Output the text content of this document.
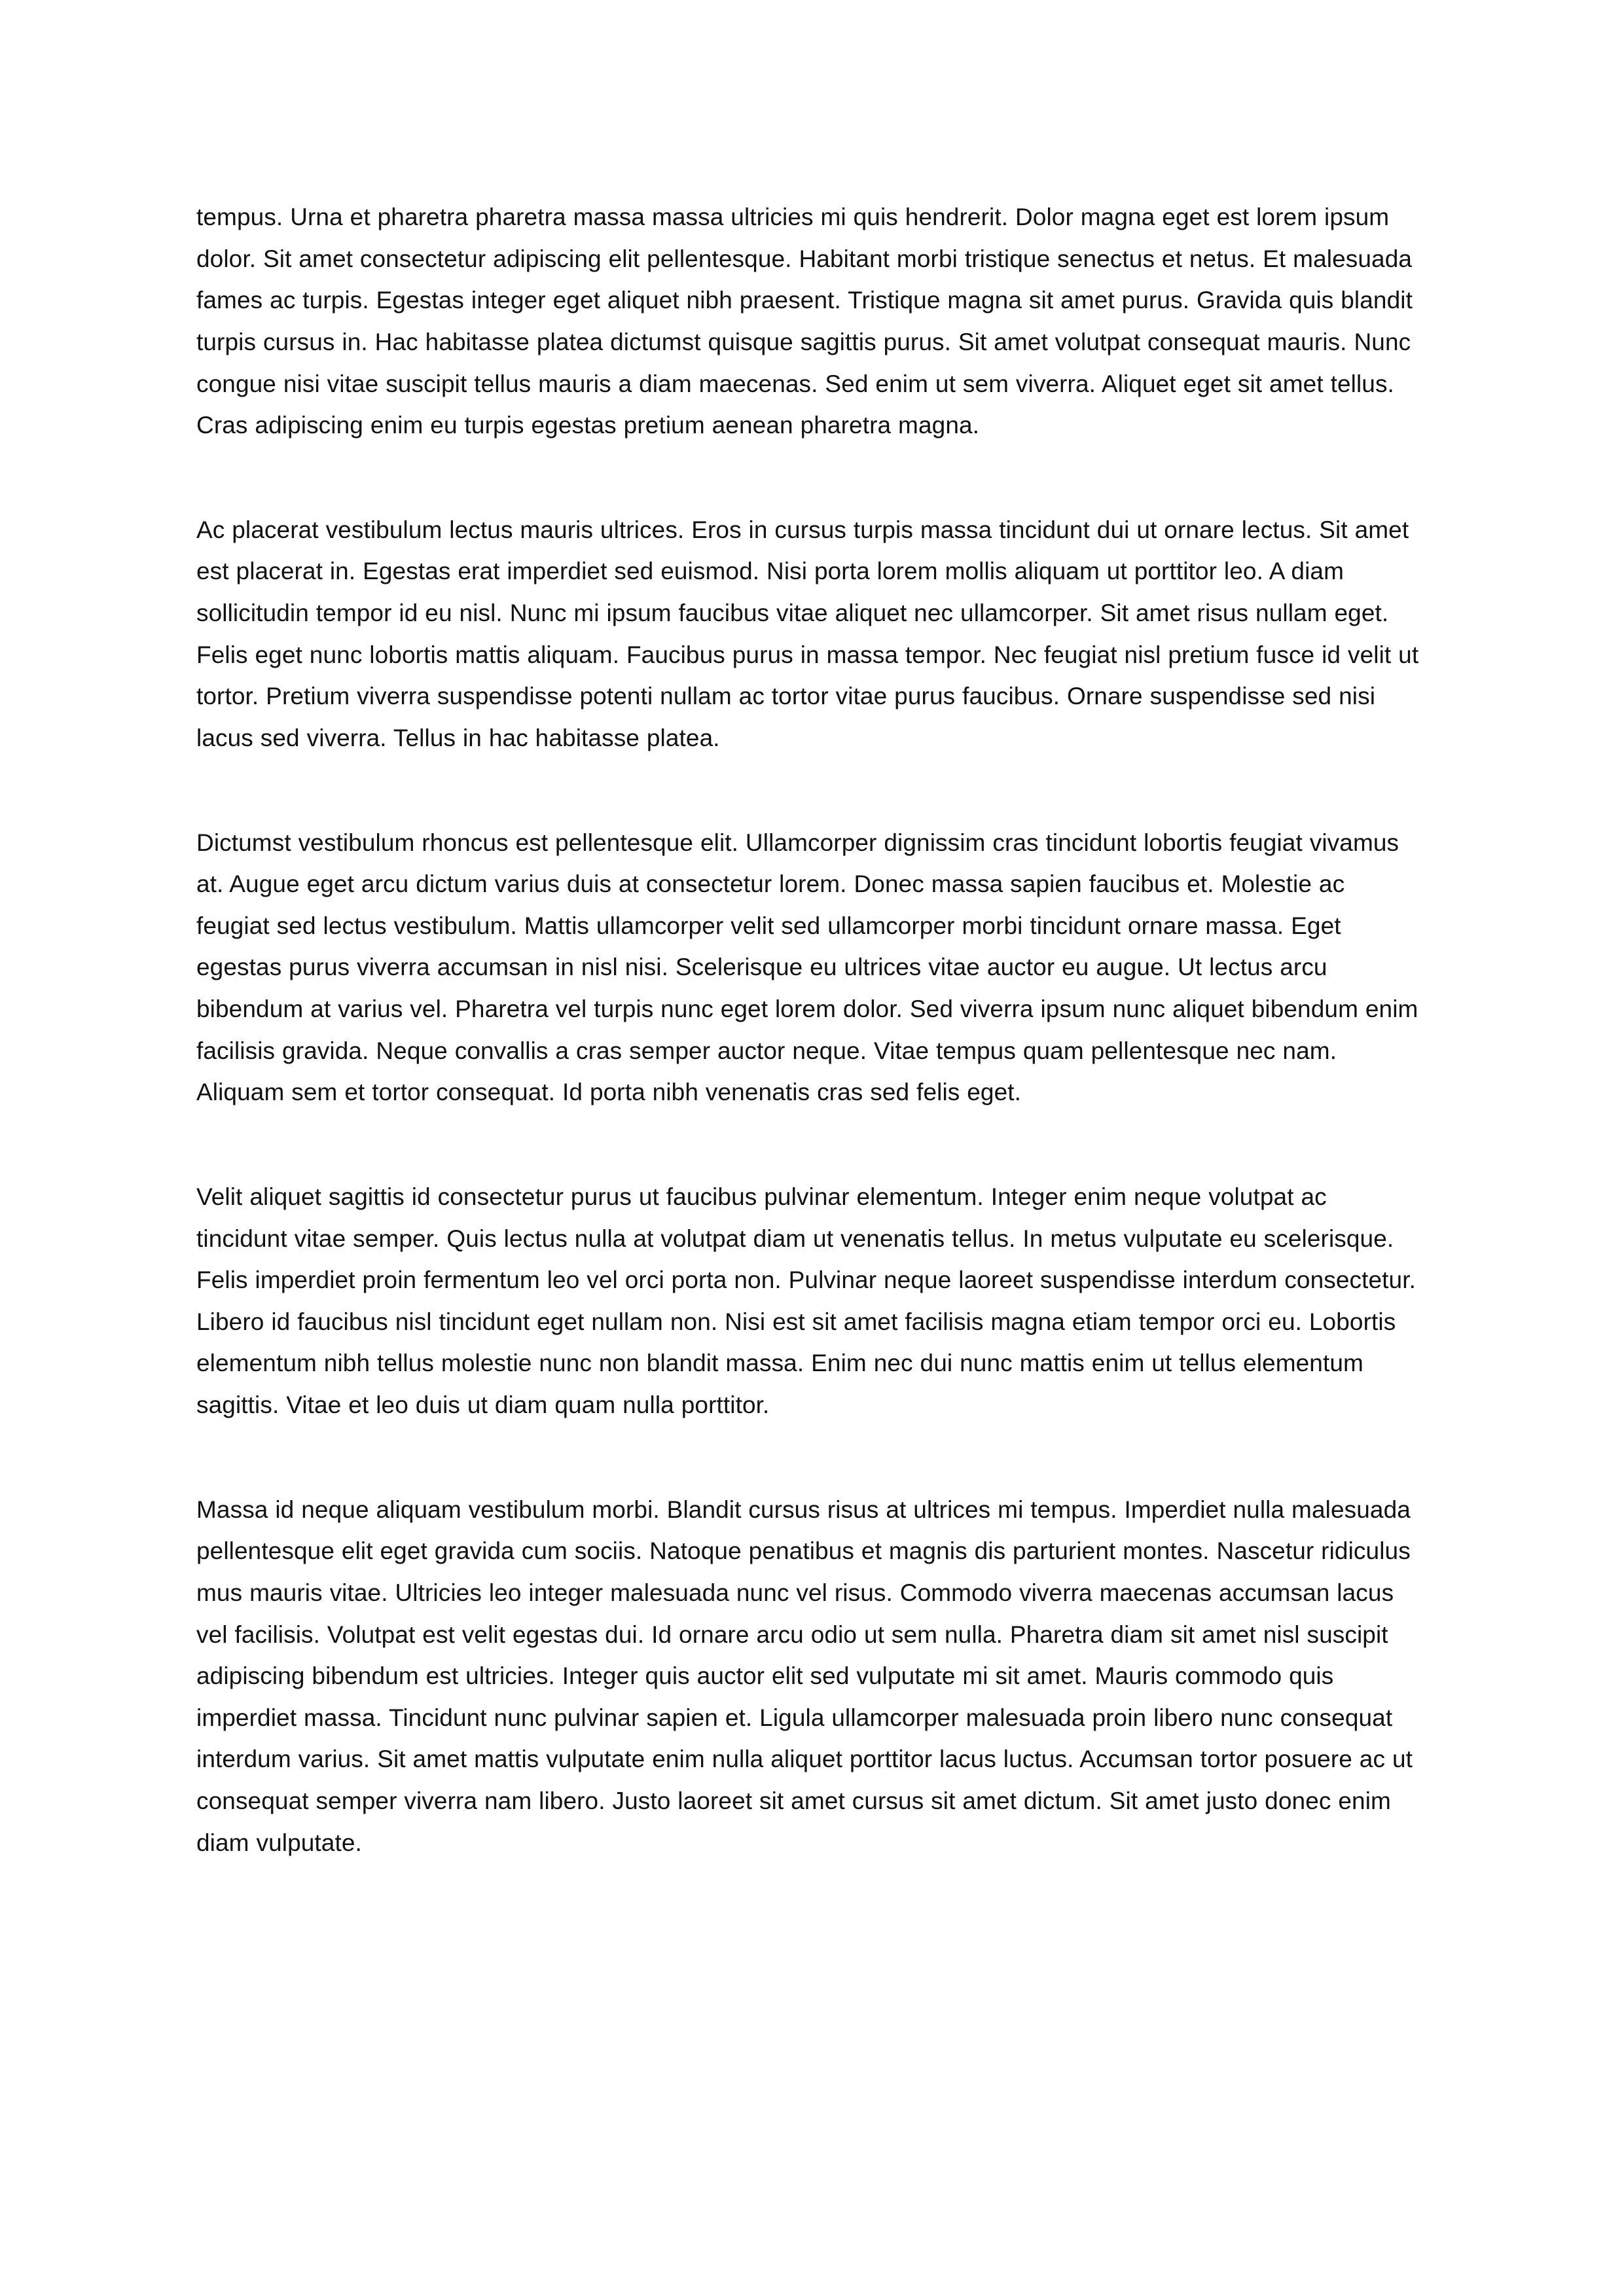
tempus. Urna et pharetra pharetra massa massa ultricies mi quis hendrerit. Dolor magna eget est lorem ipsum dolor. Sit amet consectetur adipiscing elit pellentesque. Habitant morbi tristique senectus et netus. Et malesuada fames ac turpis. Egestas integer eget aliquet nibh praesent. Tristique magna sit amet purus. Gravida quis blandit turpis cursus in. Hac habitasse platea dictumst quisque sagittis purus. Sit amet volutpat consequat mauris. Nunc congue nisi vitae suscipit tellus mauris a diam maecenas. Sed enim ut sem viverra. Aliquet eget sit amet tellus. Cras adipiscing enim eu turpis egestas pretium aenean pharetra magna.

Ac placerat vestibulum lectus mauris ultrices. Eros in cursus turpis massa tincidunt dui ut ornare lectus. Sit amet est placerat in. Egestas erat imperdiet sed euismod. Nisi porta lorem mollis aliquam ut porttitor leo. A diam sollicitudin tempor id eu nisl. Nunc mi ipsum faucibus vitae aliquet nec ullamcorper. Sit amet risus nullam eget. Felis eget nunc lobortis mattis aliquam. Faucibus purus in massa tempor. Nec feugiat nisl pretium fusce id velit ut tortor. Pretium viverra suspendisse potenti nullam ac tortor vitae purus faucibus. Ornare suspendisse sed nisi lacus sed viverra. Tellus in hac habitasse platea.

Dictumst vestibulum rhoncus est pellentesque elit. Ullamcorper dignissim cras tincidunt lobortis feugiat vivamus at. Augue eget arcu dictum varius duis at consectetur lorem. Donec massa sapien faucibus et. Molestie ac feugiat sed lectus vestibulum. Mattis ullamcorper velit sed ullamcorper morbi tincidunt ornare massa. Eget egestas purus viverra accumsan in nisl nisi. Scelerisque eu ultrices vitae auctor eu augue. Ut lectus arcu bibendum at varius vel. Pharetra vel turpis nunc eget lorem dolor. Sed viverra ipsum nunc aliquet bibendum enim facilisis gravida. Neque convallis a cras semper auctor neque. Vitae tempus quam pellentesque nec nam. Aliquam sem et tortor consequat. Id porta nibh venenatis cras sed felis eget.

Velit aliquet sagittis id consectetur purus ut faucibus pulvinar elementum. Integer enim neque volutpat ac tincidunt vitae semper. Quis lectus nulla at volutpat diam ut venenatis tellus. In metus vulputate eu scelerisque. Felis imperdiet proin fermentum leo vel orci porta non. Pulvinar neque laoreet suspendisse interdum consectetur. Libero id faucibus nisl tincidunt eget nullam non. Nisi est sit amet facilisis magna etiam tempor orci eu. Lobortis elementum nibh tellus molestie nunc non blandit massa. Enim nec dui nunc mattis enim ut tellus elementum sagittis. Vitae et leo duis ut diam quam nulla porttitor.

Massa id neque aliquam vestibulum morbi. Blandit cursus risus at ultrices mi tempus. Imperdiet nulla malesuada pellentesque elit eget gravida cum sociis. Natoque penatibus et magnis dis parturient montes. Nascetur ridiculus mus mauris vitae. Ultricies leo integer malesuada nunc vel risus. Commodo viverra maecenas accumsan lacus vel facilisis. Volutpat est velit egestas dui. Id ornare arcu odio ut sem nulla. Pharetra diam sit amet nisl suscipit adipiscing bibendum est ultricies. Integer quis auctor elit sed vulputate mi sit amet. Mauris commodo quis imperdiet massa. Tincidunt nunc pulvinar sapien et. Ligula ullamcorper malesuada proin libero nunc consequat interdum varius. Sit amet mattis vulputate enim nulla aliquet porttitor lacus luctus. Accumsan tortor posuere ac ut consequat semper viverra nam libero. Justo laoreet sit amet cursus sit amet dictum. Sit amet justo donec enim diam vulputate.
